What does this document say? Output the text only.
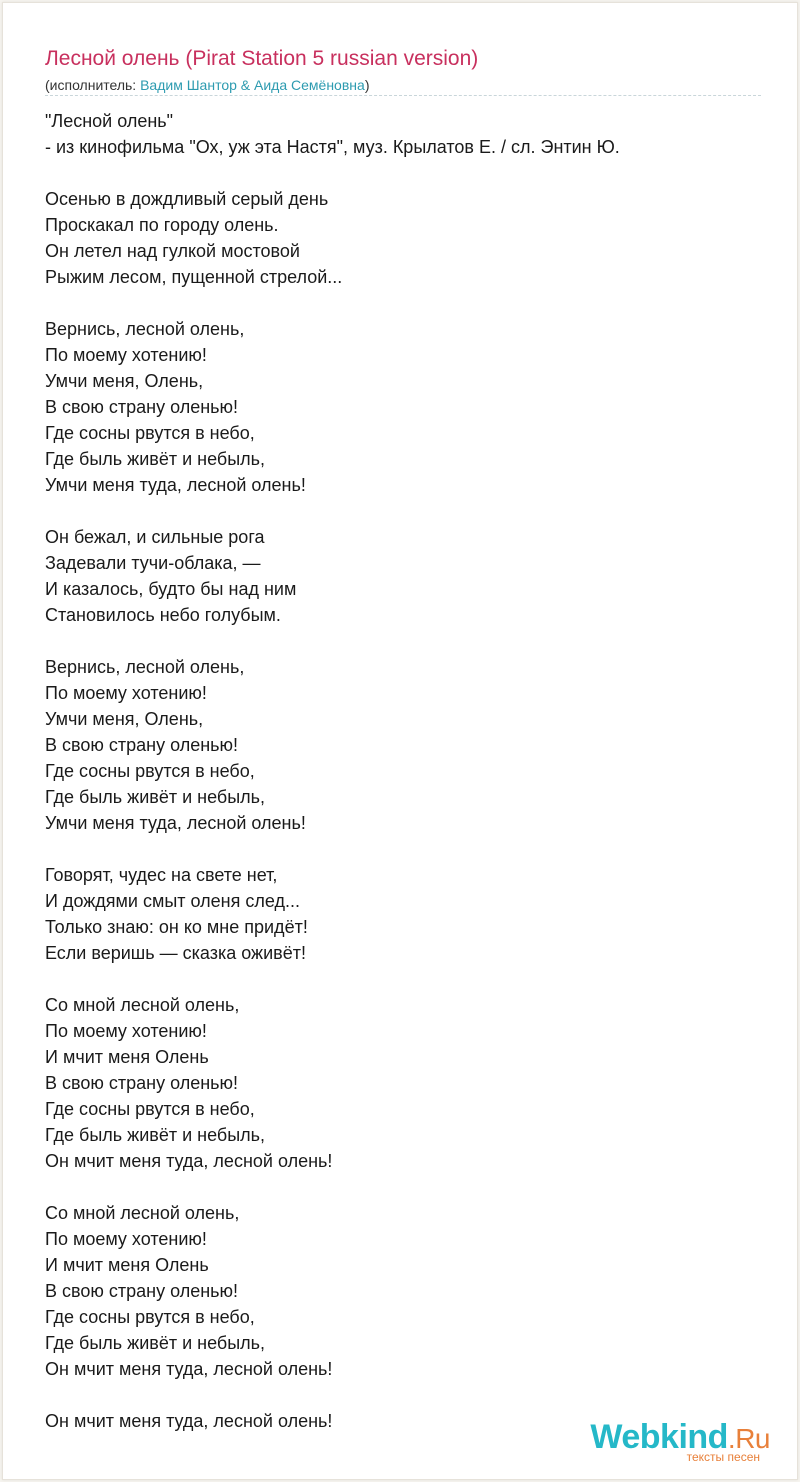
Лесной олень (Pirat Station 5 russian version)
(исполнитель: Вадим Шантор & Аида Семёновна)
"Лесной олень"
- из кинофильма "Ох, уж эта Настя", муз. Крылатов Е. / сл. Энтин Ю.
Осенью в дождливый серый день
Проскакал по городу олень.
Он летел над гулкой мостовой
Рыжим лесом, пущенной стрелой...
Вернись, лесной олень,
По моему хотению!
Умчи меня, Олень,
В свою страну оленью!
Где сосны рвутся в небо,
Где быль живёт и небыль,
Умчи меня туда, лесной олень!
Он бежал, и сильные рога
Задевали тучи-облака, —
И казалось, будто бы над ним
Становилось небо голубым.
Вернись, лесной олень,
По моему хотению!
Умчи меня, Олень,
В свою страну оленью!
Где сосны рвутся в небо,
Где быль живёт и небыль,
Умчи меня туда, лесной олень!
Говорят, чудес на свете нет,
И дождями смыт оленя след...
Только знаю: он ко мне придёт!
Если веришь — сказка оживёт!
Со мной лесной олень,
По моему хотению!
И мчит меня Олень
В свою страну оленью!
Где сосны рвутся в небо,
Где быль живёт и небыль,
Он мчит меня туда, лесной олень!
Со мной лесной олень,
По моему хотению!
И мчит меня Олень
В свою страну оленью!
Где сосны рвутся в небо,
Где быль живёт и небыль,
Он мчит меня туда, лесной олень!
Он мчит меня туда, лесной олень!	Webkind.Ru
тексты песен
